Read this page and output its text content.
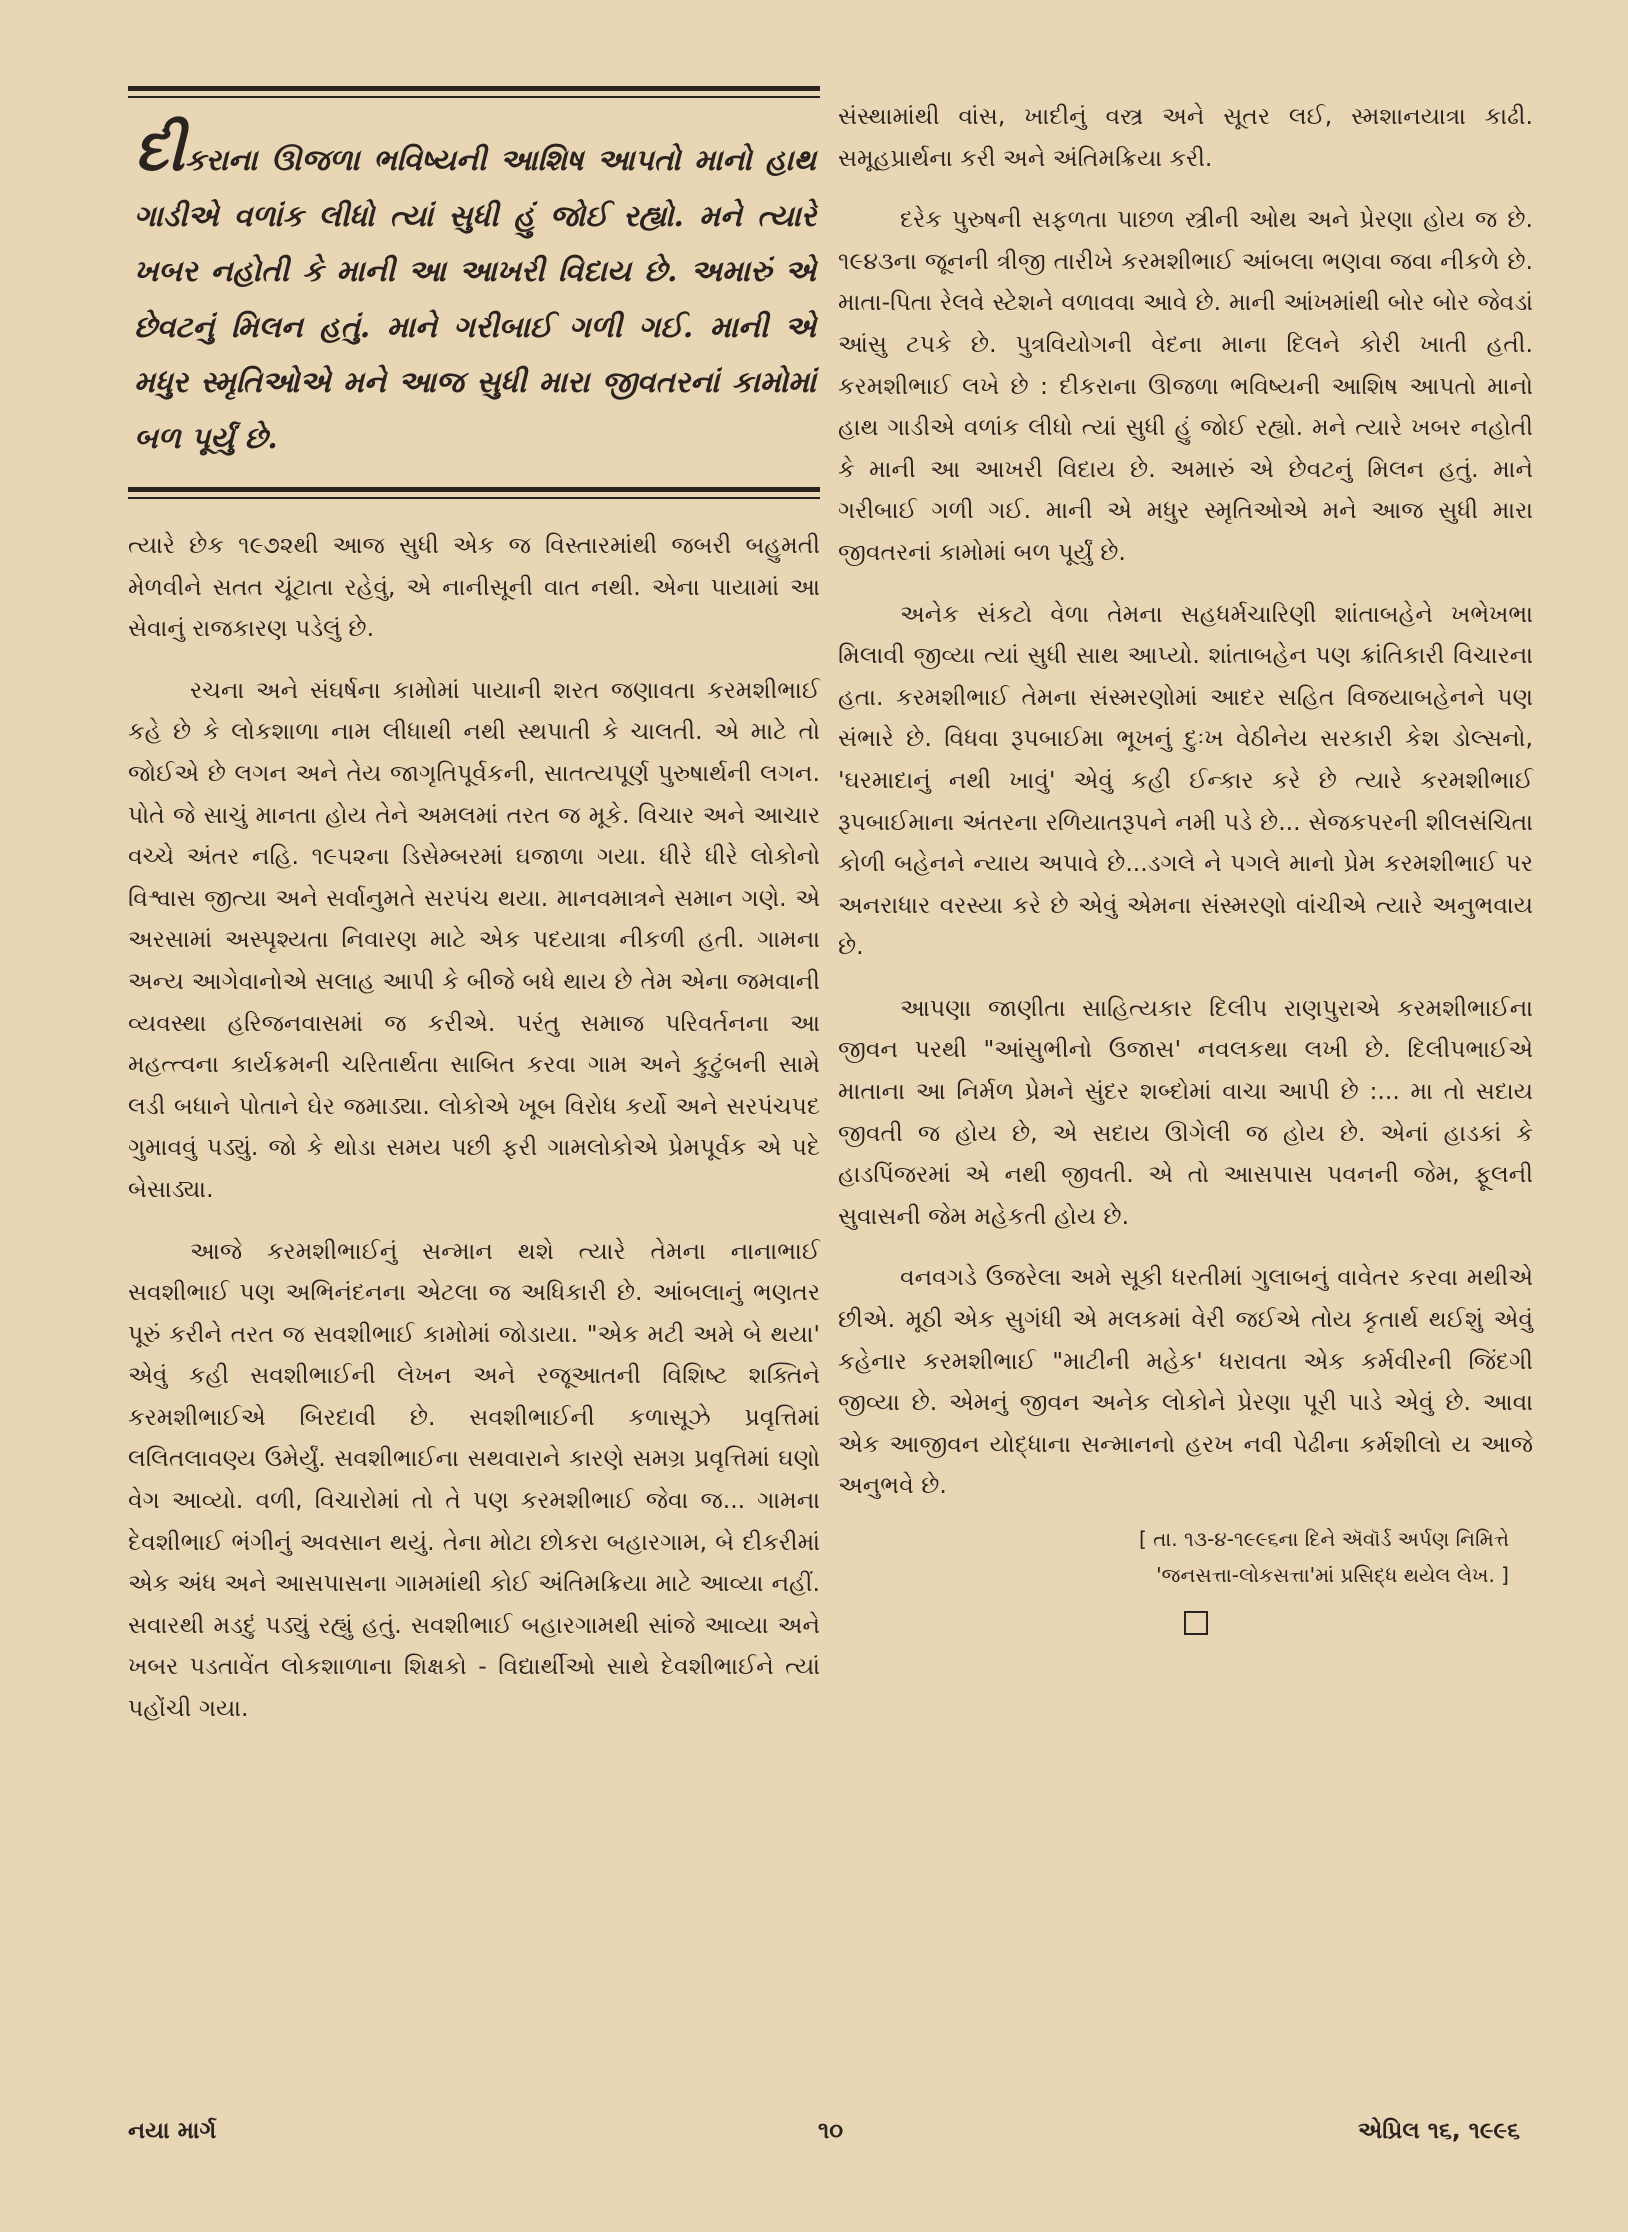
દીકરાના ઊજળા ભવિષ્યની આશિષ આપતો માનો હાથ ગાડીએ વળાંક લીધો ત્યાં સુધી હું જોઈ રહ્યો. મને ત્યારે ખબર નહોતી કે માની આ આખરી વિદાય છે. અમારું એ છેવટનું મિલન હતું. માને ગરીબાઈ ગળી ગઈ. માની એ મધુર સ્મૃતિઓએ મને આજ સુધી મારા જીવતરનાં કામોમાં બળ પૂર્યું છે.

ત્યારે છેક ૧૯૭૨થી આજ સુધી એક જ વિસ્તારમાંથી જબરી બહુમતી મેળવીને સતત ચૂંટાતા રહેવું, એ નાનીસૂની વાત નથી. એના પાયામાં આ સેવાનું રાજકારણ પડેલું છે.

રચના અને સંઘર્ષના કામોમાં પાયાની શરત જણાવતા કરમશીભાઈ કહે છે કે લોકશાળા નામ લીધાથી નથી સ્થપાતી કે ચાલતી. એ માટે તો જોઈએ છે લગન અને તેય જાગૃતિપૂર્વકની, સાતત્યપૂર્ણ પુરુષાર્થની લગન. પોતે જે સાચું માનતા હોય તેને અમલમાં તરત જ મૂકે. વિચાર અને આચાર વચ્ચે અંતર નહિ. ૧૯૫૨ના ડિસેમ્બરમાં ઘજાળા ગયા. ધીરે ધીરે લોકોનો વિશ્વાસ જીત્યા અને સર્વાનુમતે સરપંચ થયા. માનવમાત્રને સમાન ગણે. એ અરસામાં અસ્પૃશ્યતા નિવારણ માટે એક પદયાત્રા નીકળી હતી. ગામના અન્ય આગેવાનોએ સલાહ આપી કે બીજે બધે થાય છે તેમ એના જમવાની વ્યવસ્થા હરિજનવાસમાં જ કરીએ. પરંતુ સમાજ પરિવર્તનના આ મહત્ત્વના કાર્યક્રમની ચરિતાર્થતા સાબિત કરવા ગામ અને કુટુંબની સામે લડી બધાને પોતાને ઘેર જમાડ્યા. લોકોએ ખૂબ વિરોધ કર્યો અને સરપંચપદ ગુમાવવું પડ્યું. જો કે થોડા સમય પછી ફરી ગામલોકોએ પ્રેમપૂર્વક એ પદે બેસાડ્યા.

આજે કરમશીભાઈનું સન્માન થશે ત્યારે તેમના નાનાભાઈ સવશીભાઈ પણ અભિનંદનના એટલા જ અધિકારી છે. આંબલાનું ભણતર પૂરું કરીને તરત જ સવશીભાઈ કામોમાં જોડાયા. "એક મટી અમે બે થયા' એવું કહી સવશીભાઈની લેખન અને રજૂઆતની વિશિષ્ટ શક્તિને કરમશીભાઈએ બિરદાવી છે. સવશીભાઈની કળાસૂઝે પ્રવૃત્તિમાં લલિતલાવણ્ય ઉમેર્યું. સવશીભાઈના સથવારાને કારણે સમગ્ર પ્રવૃત્તિમાં ઘણો વેગ આવ્યો. વળી, વિચારોમાં તો તે પણ કરમશીભાઈ જેવા જ... ગામના દેવશીભાઈ ભંગીનું અવસાન થયું. તેના મોટા છોકરા બહારગામ, બે દીકરીમાં એક અંધ અને આસપાસના ગામમાંથી કોઈ અંતિમક્રિયા માટે આવ્યા નહીં. સવારથી મડદું પડ્યું રહ્યું હતું. સવશીભાઈ બહારગામથી સાંજે આવ્યા અને ખબર પડતાવેંત લોકશાળાના શિક્ષકો - વિદ્યાર્થીઓ સાથે દેવશીભાઈને ત્યાં પહોંચી ગયા.

સંસ્થામાંથી વાંસ, ખાદીનું વસ્ત્ર અને સૂતર લઈ, સ્મશાનયાત્રા કાઢી. સમૂહપ્રાર્થના કરી અને અંતિમક્રિયા કરી.

દરેક પુરુષની સફળતા પાછળ સ્ત્રીની ઓથ અને પ્રેરણા હોય જ છે. ૧૯૪૩ના જૂનની ત્રીજી તારીખે કરમશીભાઈ આંબલા ભણવા જવા નીકળે છે. માતા-પિતા રેલવે સ્ટેશને વળાવવા આવે છે. માની આંખમાંથી બોર બોર જેવડાં આંસુ ટપકે છે. પુત્રવિયોગની વેદના માના દિલને કોરી ખાતી હતી. કરમશીભાઈ લખે છે : દીકરાના ઊજળા ભવિષ્યની આશિષ આપતો માનો હાથ ગાડીએ વળાંક લીધો ત્યાં સુધી હું જોઈ રહ્યો. મને ત્યારે ખબર નહોતી કે માની આ આખરી વિદાય છે. અમારું એ છેવટનું મિલન હતું. માને ગરીબાઈ ગળી ગઈ. માની એ મધુર સ્મૃતિઓએ મને આજ સુધી મારા જીવતરનાં કામોમાં બળ પૂર્યું છે.

અનેક સંકટો વેળા તેમના સહધર્મચારિણી શાંતાબહેને ખભેખભા મિલાવી જીવ્યા ત્યાં સુધી સાથ આપ્યો. શાંતાબહેન પણ ક્રાંતિકારી વિચારના હતા. કરમશીભાઈ તેમના સંસ્મરણોમાં આદર સહિત વિજયાબહેનને પણ સંભારે છે. વિધવા રૂપબાઈમા ભૂખનું દુઃખ વેઠીનેય સરકારી કેશ ડોલ્સનો, 'ઘરમાદાનું નથી ખાવું' એવું કહી ઈન્કાર કરે છે ત્યારે કરમશીભાઈ રૂપબાઈમાના અંતરના રળિયાતરૂપને નમી પડે છે... સેજકપરની શીલસંચિતા કોળી બહેનને ન્યાય અપાવે છે...ડગલે ને પગલે માનો પ્રેમ કરમશીભાઈ પર અનરાધાર વરસ્યા કરે છે એવું એમના સંસ્મરણો વાંચીએ ત્યારે અનુભવાય છે.

આપણા જાણીતા સાહિત્યકાર દિલીપ રાણપુરાએ કરમશીભાઈના જીવન પરથી "આંસુભીનો ઉજાસ' નવલકથા લખી છે. દિલીપભાઈએ માતાના આ નિર્મળ પ્રેમને સુંદર શબ્દોમાં વાચા આપી છે :... મા તો સદાય જીવતી જ હોય છે, એ સદાય ઊગેલી જ હોય છે. એનાં હાડકાં કે હાડપિંજરમાં એ નથી જીવતી. એ તો આસપાસ પવનની જેમ, ફૂલની સુવાસની જેમ મહેકતી હોય છે.

વનવગડે ઉજરેલા અમે સૂકી ધરતીમાં ગુલાબનું વાવેતર કરવા મથીએ છીએ. મૂઠી એક સુગંધી એ મલકમાં વેરી જઈએ તોય કૃતાર્થ થઈશું એવું કહેનાર કરમશીભાઈ "માટીની મહેક' ધરાવતા એક કર્મવીરની જિંદગી જીવ્યા છે. એમનું જીવન અનેક લોકોને પ્રેરણા પૂરી પાડે એવું છે. આવા એક આજીવન યોદ્ધાના સન્માનનો હરખ નવી પેઢીના કર્મશીલો ય આજે અનુભવે છે.

[ તા. ૧૩-૪-૧૯૯૬ના દિને ઍવૉર્ડ અર્પણ નિમિત્તે
'જનસત્તા-લોકસત્તા'માં પ્રસિદ્ધ થયેલ લેખ. ]
નયા માર્ગ	૧૦	એપ્રિલ ૧૬, ૧૯૯૬
